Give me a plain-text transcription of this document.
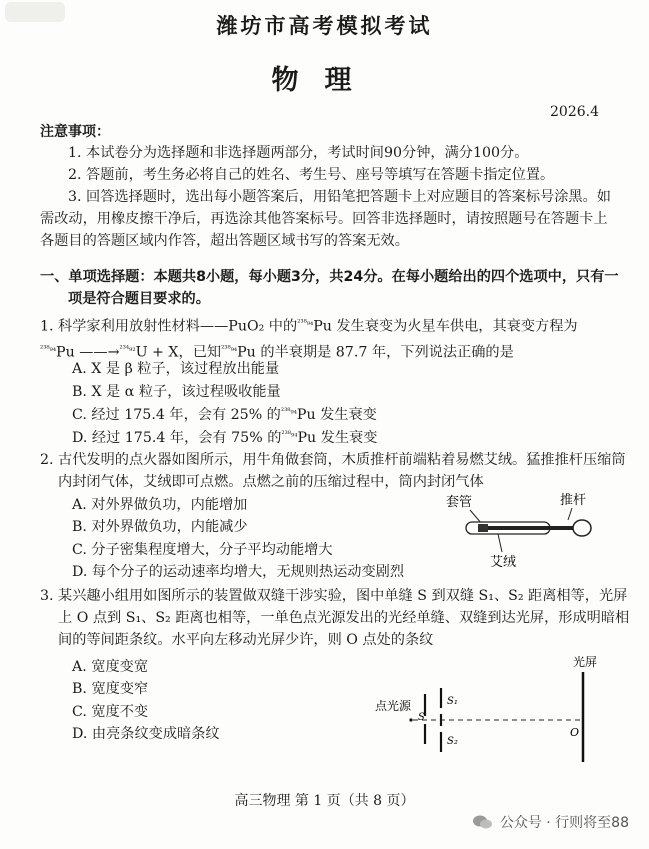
潍坊市高考模拟考试
物理
2026.4
注意事项：

1. 本试卷分为选择题和非选择题两部分，考试时间90分钟，满分100分。

2. 答题前，考生务必将自己的姓名、考生号、座号等填写在答题卡指定位置。

3. 回答选择题时，选出每小题答案后，用铅笔把答题卡上对应题目的答案标号涂黑。如需改动，用橡皮擦干净后，再选涂其他答案标号。回答非选择题时，请按照题号在答题卡上各题目的答题区域内作答，超出答题区域书写的答案无效。

一、单项选择题：本题共8小题，每小题3分，共24分。在每小题给出的四个选项中，只有一项是符合题目要求的。
1. 科学家利用放射性材料——PuO₂ 中的$^{^{238}_{94}}$Pu 发生衰变为火星车供电，其衰变方程为
$^{^{238}_{94}}$Pu ——→$^{^{234}_{92}}$U + X，已知$^{^{238}_{94}}$Pu 的半衰期是 87.7 年，下列说法正确的是
A. X 是 β 粒子，该过程放出能量
B. X 是 α 粒子，该过程吸收能量
C. 经过 175.4 年，会有 25% 的$^{^{238}_{94}}$Pu 发生衰变
D. 经过 175.4 年，会有 75% 的$^{^{238}_{94}}$Pu 发生衰变
2. 古代发明的点火器如图所示，用牛角做套筒，木质推杆前端粘着易燃艾绒。猛推推杆压缩筒内封闭气体，艾绒即可点燃。点燃之前的压缩过程中，筒内封闭气体
A. 对外界做负功，内能增加
B. 对外界做负功，内能减少
C. 分子密集程度增大，分子平均动能增大
D. 每个分子的运动速率均增大，无规则热运动变剧烈
套管	推杆
艾绒
3. 某兴趣小组用如图所示的装置做双缝干涉实验，图中单缝 S 到双缝 S₁、S₂ 距离相等，光屏上 O 点到 S₁、S₂ 距离也相等，一单色点光源发出的光经单缝、双缝到达光屏，形成明暗相间的等间距条纹。水平向左移动光屏少许，则 O 点处的条纹
A. 宽度变宽
B. 宽度变窄
C. 宽度不变
D. 由亮条纹变成暗条纹
光屏
点光源
S
S₁
S₂
O
高三物理 第 1 页（共 8 页）
公众号 · 行则将至88
